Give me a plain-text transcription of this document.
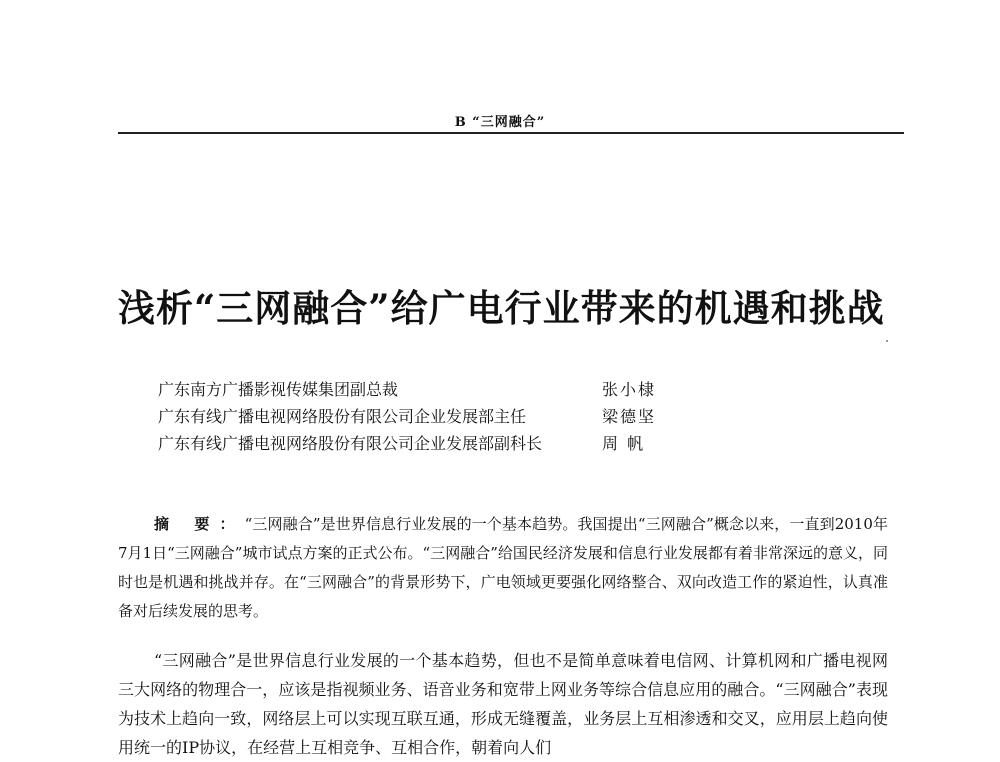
B “三网融合”
浅析“三网融合”给广电行业带来的机遇和挑战
广东南方广播影视传媒集团副总裁	张小棣
广东有线广播电视网络股份有限公司企业发展部主任	梁德坚
广东有线广播电视网络股份有限公司企业发展部副科长	周 帆

摘 要：“三网融合”是世界信息行业发展的一个基本趋势。我国提出“三网融合”概念以来，一直到2010年7月1日“三网融合”城市试点方案的正式公布。“三网融合”给国民经济发展和信息行业发展都有着非常深远的意义，同时也是机遇和挑战并存。在“三网融合”的背景形势下，广电领域更要强化网络整合、双向改造工作的紧迫性，认真准备对后续发展的思考。

“三网融合”是世界信息行业发展的一个基本趋势，但也不是简单意味着电信网、计算机网和广播电视网三大网络的物理合一，应该是指视频业务、语音业务和宽带上网业务等综合信息应用的融合。“三网融合”表现为技术上趋向一致，网络层上可以实现互联互通，形成无缝覆盖，业务层上互相渗透和交叉，应用层上趋向使用统一的IP协议，在经营上互相竞争、互相合作，朝着向人们
